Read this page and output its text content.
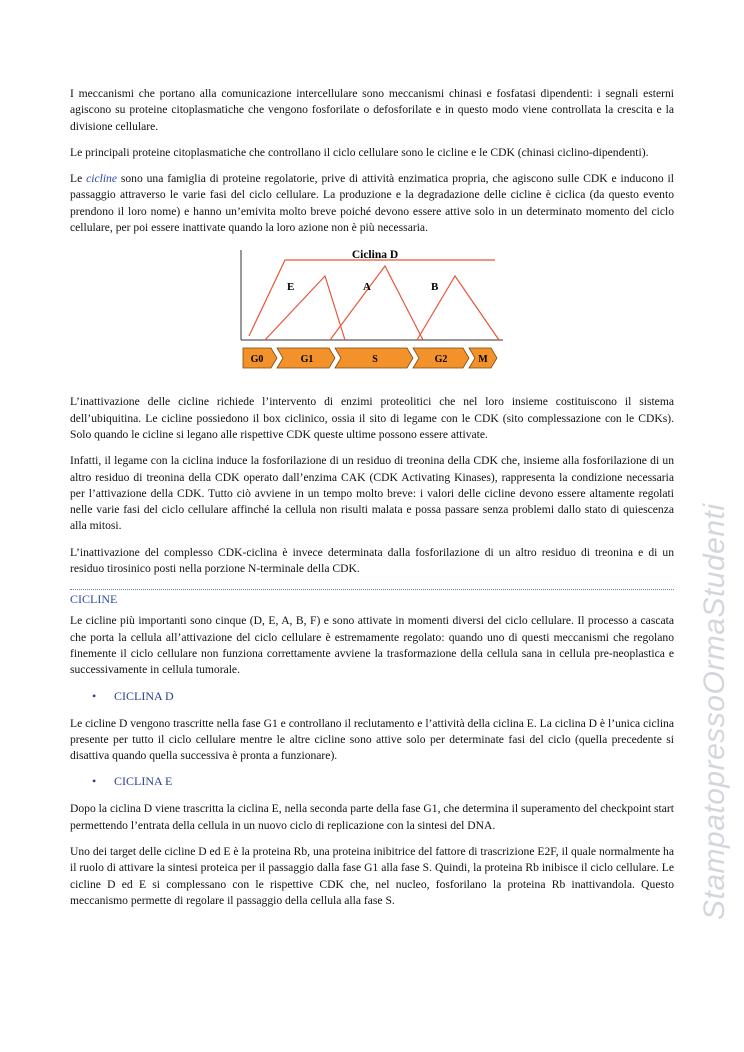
I meccanismi che portano alla comunicazione intercellulare sono meccanismi chinasi e fosfatasi dipendenti: i segnali esterni agiscono su proteine citoplasmatiche che vengono fosforilate o defosforilate e in questo modo viene controllata la crescita e la divisione cellulare.

Le principali proteine citoplasmatiche che controllano il ciclo cellulare sono le cicline e le CDK (chinasi ciclino-dipendenti).

Le cicline sono una famiglia di proteine regolatorie, prive di attività enzimatica propria, che agiscono sulle CDK e inducono il passaggio attraverso le varie fasi del ciclo cellulare. La produzione e la degradazione delle cicline è ciclica (da questo evento prendono il loro nome) e hanno un’emivita molto breve poiché devono essere attive solo in un determinato momento del ciclo cellulare, per poi essere inattivate quando la loro azione non è più necessaria.

Ciclina D
E	A	B
G0	G1	S	G2	M

L’inattivazione delle cicline richiede l’intervento di enzimi proteolitici che nel loro insieme costituiscono il sistema dell’ubiquitina. Le cicline possiedono il box ciclinico, ossia il sito di legame con le CDK (sito complessazione con le CDKs). Solo quando le cicline si legano alle rispettive CDK queste ultime possono essere attivate.

Infatti, il legame con la ciclina induce la fosforilazione di un residuo di treonina della CDK che, insieme alla fosforilazione di un altro residuo di treonina della CDK operato dall’enzima CAK (CDK Activating Kinases), rappresenta la condizione necessaria per l’attivazione della CDK. Tutto ciò avviene in un tempo molto breve: i valori delle cicline devono essere altamente regolati nelle varie fasi del ciclo cellulare affinché la cellula non risulti malata e possa passare senza problemi dallo stato di quiescenza alla mitosi.

L’inattivazione del complesso CDK-ciclina è invece determinata dalla fosforilazione di un altro residuo di treonina e di un residuo tirosinico posti nella porzione N-terminale della CDK.

CICLINE

Le cicline più importanti sono cinque (D, E, A, B, F) e sono attivate in momenti diversi del ciclo cellulare. Il processo a cascata che porta la cellula all’attivazione del ciclo cellulare è estremamente regolato: quando uno di questi meccanismi che regolano finemente il ciclo cellulare non funziona correttamente avviene la trasformazione della cellula sana in cellula pre-neoplastica e successivamente in cellula tumorale.

• CICLINA D

Le cicline D vengono trascritte nella fase G1 e controllano il reclutamento e l’attività della ciclina E. La ciclina D è l’unica ciclina presente per tutto il ciclo cellulare mentre le altre cicline sono attive solo per determinate fasi del ciclo (quella precedente si disattiva quando quella successiva è pronta a funzionare).

• CICLINA E

Dopo la ciclina D viene trascritta la ciclina E, nella seconda parte della fase G1, che determina il superamento del checkpoint start permettendo l’entrata della cellula in un nuovo ciclo di replicazione con la sintesi del DNA.

Uno dei target delle cicline D ed E è la proteina Rb, una proteina inibitrice del fattore di trascrizione E2F, il quale normalmente ha il ruolo di attivare la sintesi proteica per il passaggio dalla fase G1 alla fase S. Quindi, la proteina Rb inibisce il ciclo cellulare. Le cicline D ed E si complessano con le rispettive CDK che, nel nucleo, fosforilano la proteina Rb inattivandola. Questo meccanismo permette di regolare il passaggio della cellula alla fase S.	StampatopressoOrmaStudenti
